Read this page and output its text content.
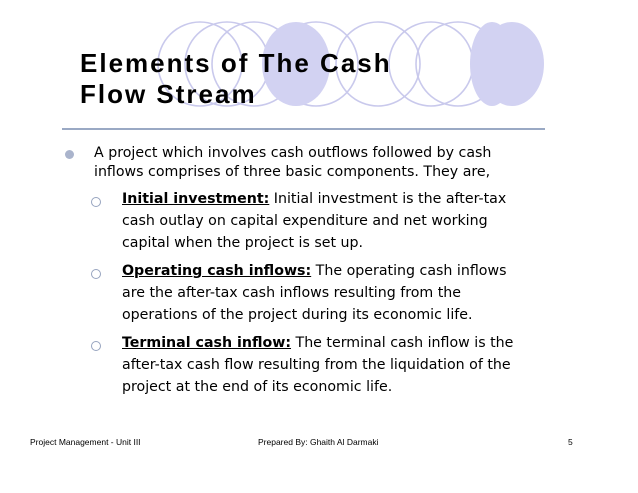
Elements of The Cash
Flow Stream
A project which involves cash outflows followed by cash inflows comprises of three basic components. They are,
Initial investment: Initial investment is the after-tax cash outlay on capital expenditure and net working capital when the project is set up.
Operating cash inflows: The operating cash inflows are the after-tax cash inflows resulting from the operations of the project during its economic life.
Terminal cash inflow: The terminal cash inflow is the after-tax cash flow resulting from the liquidation of the project at the end of its economic life.
Project Management - Unit III	Prepared By: Ghaith Al Darmaki	5
